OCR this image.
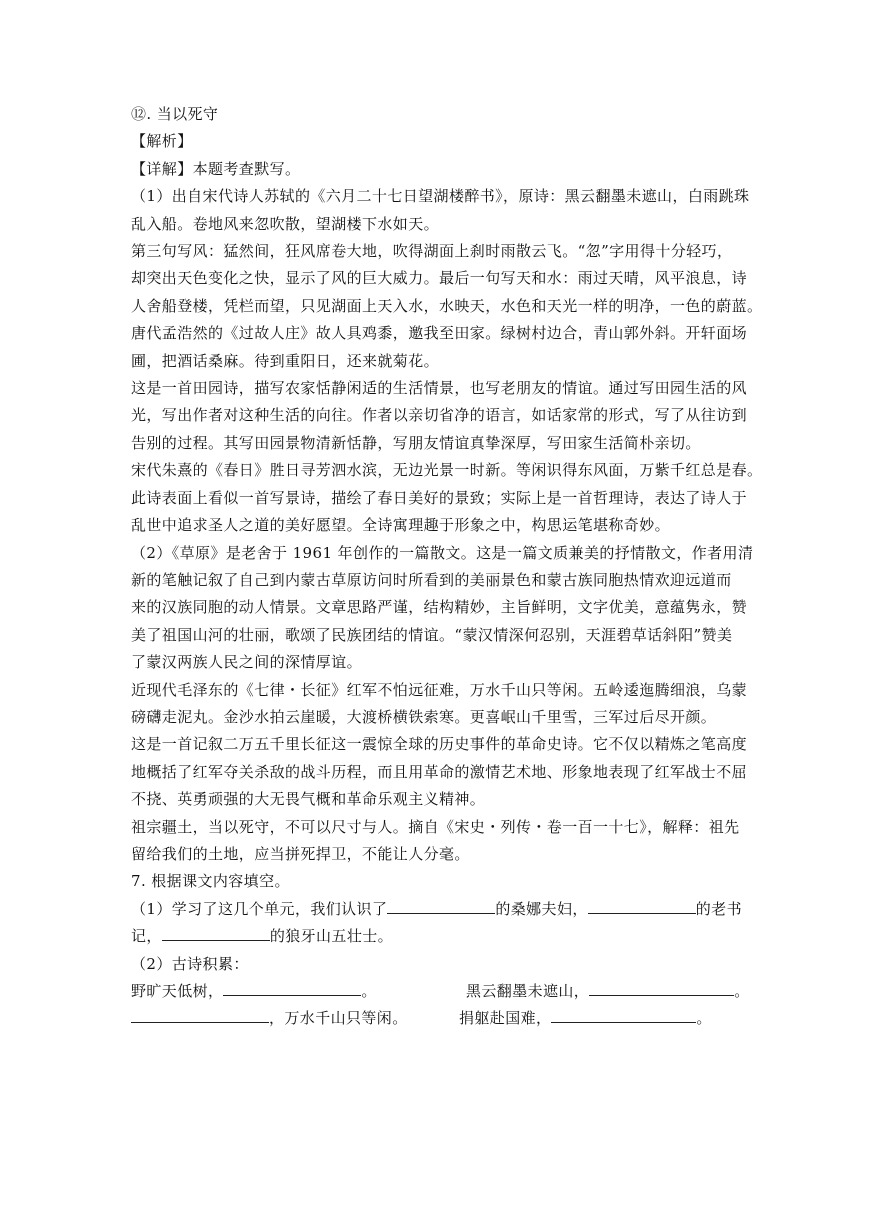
⑫. 当以死守

【解析】

【详解】本题考查默写。

（1）出自宋代诗人苏轼的《六月二十七日望湖楼醉书》，原诗：黑云翻墨未遮山，白雨跳珠

乱入船。卷地风来忽吹散，望湖楼下水如天。

第三句写风：猛然间，狂风席卷大地，吹得湖面上刹时雨散云飞。“忽”字用得十分轻巧，

却突出天色变化之快，显示了风的巨大威力。最后一句写天和水：雨过天晴，风平浪息，诗

人舍船登楼，凭栏而望，只见湖面上天入水，水映天，水色和天光一样的明净，一色的蔚蓝。

唐代孟浩然的《过故人庄》故人具鸡黍，邀我至田家。绿树村边合，青山郭外斜。开轩面场

圃，把酒话桑麻。待到重阳日，还来就菊花。

这是一首田园诗，描写农家恬静闲适的生活情景，也写老朋友的情谊。通过写田园生活的风

光，写出作者对这种生活的向往。作者以亲切省净的语言，如话家常的形式，写了从往访到

告别的过程。其写田园景物清新恬静，写朋友情谊真挚深厚，写田家生活简朴亲切。

宋代朱熹的《春日》胜日寻芳泗水滨，无边光景一时新。等闲识得东风面，万紫千红总是春。

此诗表面上看似一首写景诗，描绘了春日美好的景致；实际上是一首哲理诗，表达了诗人于

乱世中追求圣人之道的美好愿望。全诗寓理趣于形象之中，构思运笔堪称奇妙。

（2）《草原》是老舍于 1961 年创作的一篇散文。这是一篇文质兼美的抒情散文，作者用清

新的笔触记叙了自己到内蒙古草原访问时所看到的美丽景色和蒙古族同胞热情欢迎远道而

来的汉族同胞的动人情景。文章思路严谨，结构精妙，主旨鲜明，文字优美，意蕴隽永，赞

美了祖国山河的壮丽，歌颂了民族团结的情谊。“蒙汉情深何忍别，天涯碧草话斜阳”赞美

了蒙汉两族人民之间的深情厚谊。

近现代毛泽东的《七律・长征》红军不怕远征难，万水千山只等闲。五岭逶迤腾细浪，乌蒙

磅礴走泥丸。金沙水拍云崖暖，大渡桥横铁索寒。更喜岷山千里雪，三军过后尽开颜。

这是一首记叙二万五千里长征这一震惊全球的历史事件的革命史诗。它不仅以精炼之笔高度

地概括了红军夺关杀敌的战斗历程，而且用革命的激情艺术地、形象地表现了红军战士不屈

不挠、英勇顽强的大无畏气概和革命乐观主义精神。

祖宗疆土，当以死守，不可以尺寸与人。摘自《宋史・列传・卷一百一十七》，解释：祖先

留给我们的土地，应当拼死捍卫，不能让人分毫。

7. 根据课文内容填空。

（1）学习了这几个单元，我们认识了	的桑娜夫妇，	的老书

记，	的狼牙山五壮士。

（2）古诗积累：

野旷天低树，	。	黑云翻墨未遮山，	。
，万水千山只等闲。	捐躯赴国难，	。
